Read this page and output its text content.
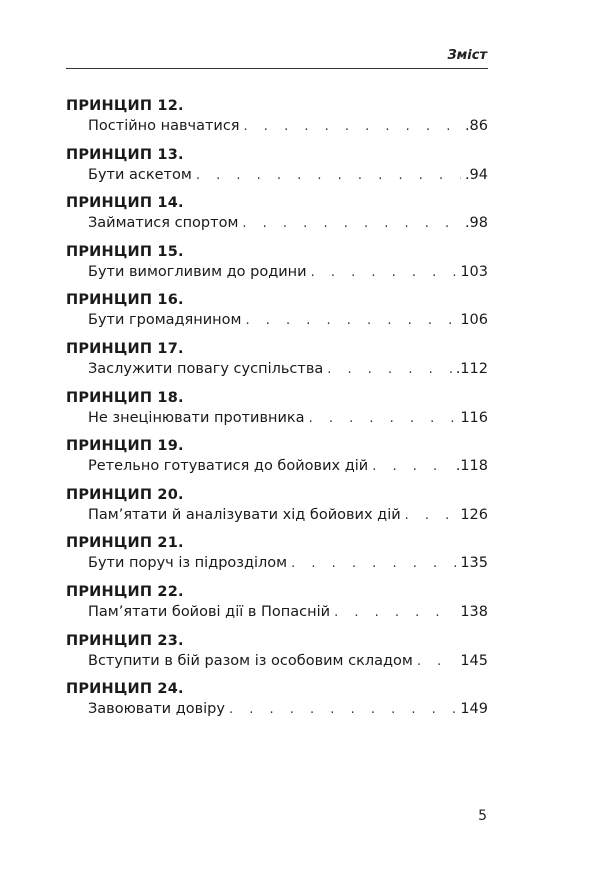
Зміст
ПРИНЦИП 12.
Постійно навчатися . . .	.86
ПРИНЦИП 13.
Бути аскетом . . .	.94
ПРИНЦИП 14.
Займатися спортом . . .	.98
ПРИНЦИП 15.
Бути вимогливим до родини . . .	103
ПРИНЦИП 16.
Бути громадянином . . .	106
ПРИНЦИП 17.
Заслужити повагу суспільства . . .	.112
ПРИНЦИП 18.
Не знецінювати противника . . .	116
ПРИНЦИП 19.
Ретельно готуватися до бойових дій . . .	.118
ПРИНЦИП 20.
Пам’ятати й аналізувати хід бойових дій . . .	126
ПРИНЦИП 21.
Бути поруч із підрозділом . . .	135
ПРИНЦИП 22.
Пам’ятати бойові дії в Попасній . . .	138
ПРИНЦИП 23.
Вступити в бій разом із особовим складом . . .	145
ПРИНЦИП 24.
Завоювати довіру . . .	149
5
